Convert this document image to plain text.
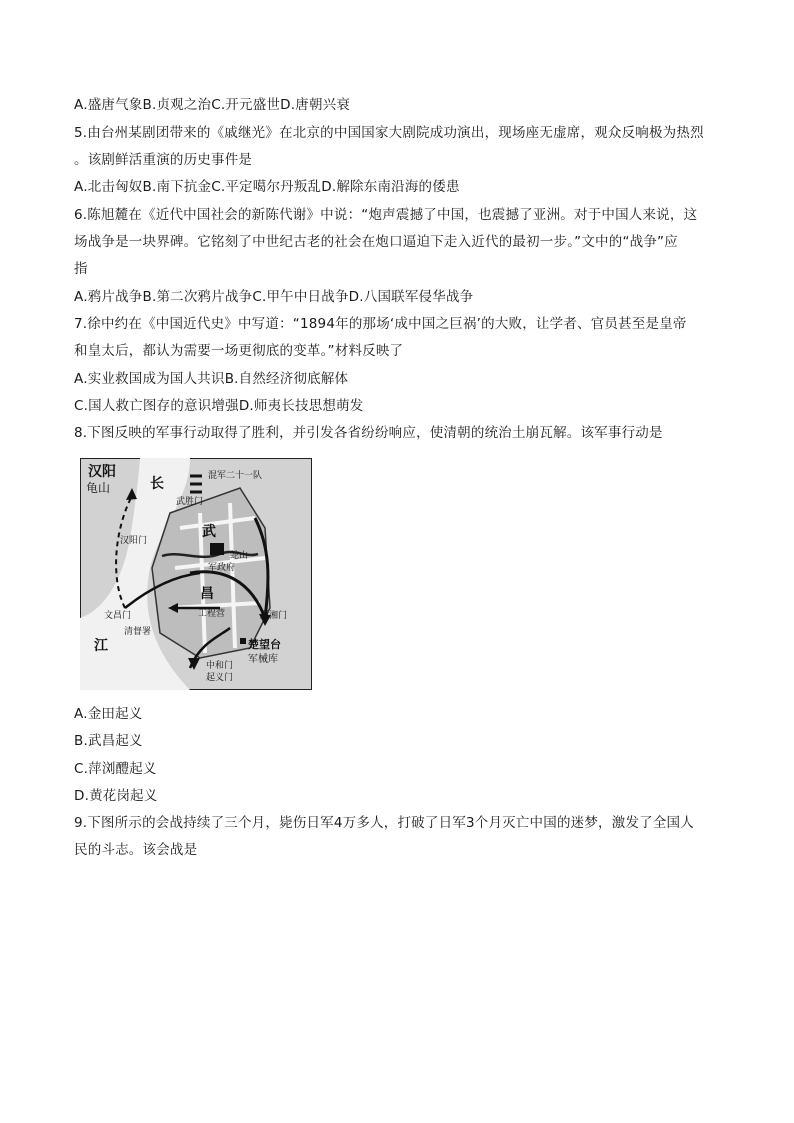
A.盛唐气象B.贞观之治C.开元盛世D.唐朝兴衰
5.由台州某剧团带来的《戚继光》在北京的中国国家大剧院成功演出，现场座无虚席，观众反响极为热烈
。该剧鲜活重演的历史事件是
A.北击匈奴B.南下抗金C.平定噶尔丹叛乱D.解除东南沿海的倭患
6.陈旭麓在《近代中国社会的新陈代谢》中说：“炮声震撼了中国，也震撼了亚洲。对于中国人来说，这
场战争是一块界碑。它铭刻了中世纪古老的社会在炮口逼迫下走入近代的最初一步。”文中的“战争”应
指
A.鸦片战争B.第二次鸦片战争C.甲午中日战争D.八国联军侵华战争
7.徐中约在《中国近代史》中写道：“1894年的那场‘成中国之巨祸’的大败，让学者、官员甚至是皇帝
和皇太后，都认为需要一场更彻底的变革。”材料反映了
A.实业救国成为国人共识B.自然经济彻底解体
C.国人救亡图存的意识增强D.师夷长技思想萌发
8.下图反映的军事行动取得了胜利，并引发各省纷纷响应，使清朝的统治土崩瓦解。该军事行动是
汉阳
龟山	长
江
武
昌
武胜门
汉阳门
文昌门
清督署
通湘门
工程营
军政府
蛇山
楚望台
军械库
中和门
起义门
混军二十一队
A.金田起义
B.武昌起义
C.萍浏醴起义
D.黄花岗起义
9.下图所示的会战持续了三个月，毙伤日军4万多人，打破了日军3个月灭亡中国的迷梦，激发了全国人
民的斗志。该会战是
